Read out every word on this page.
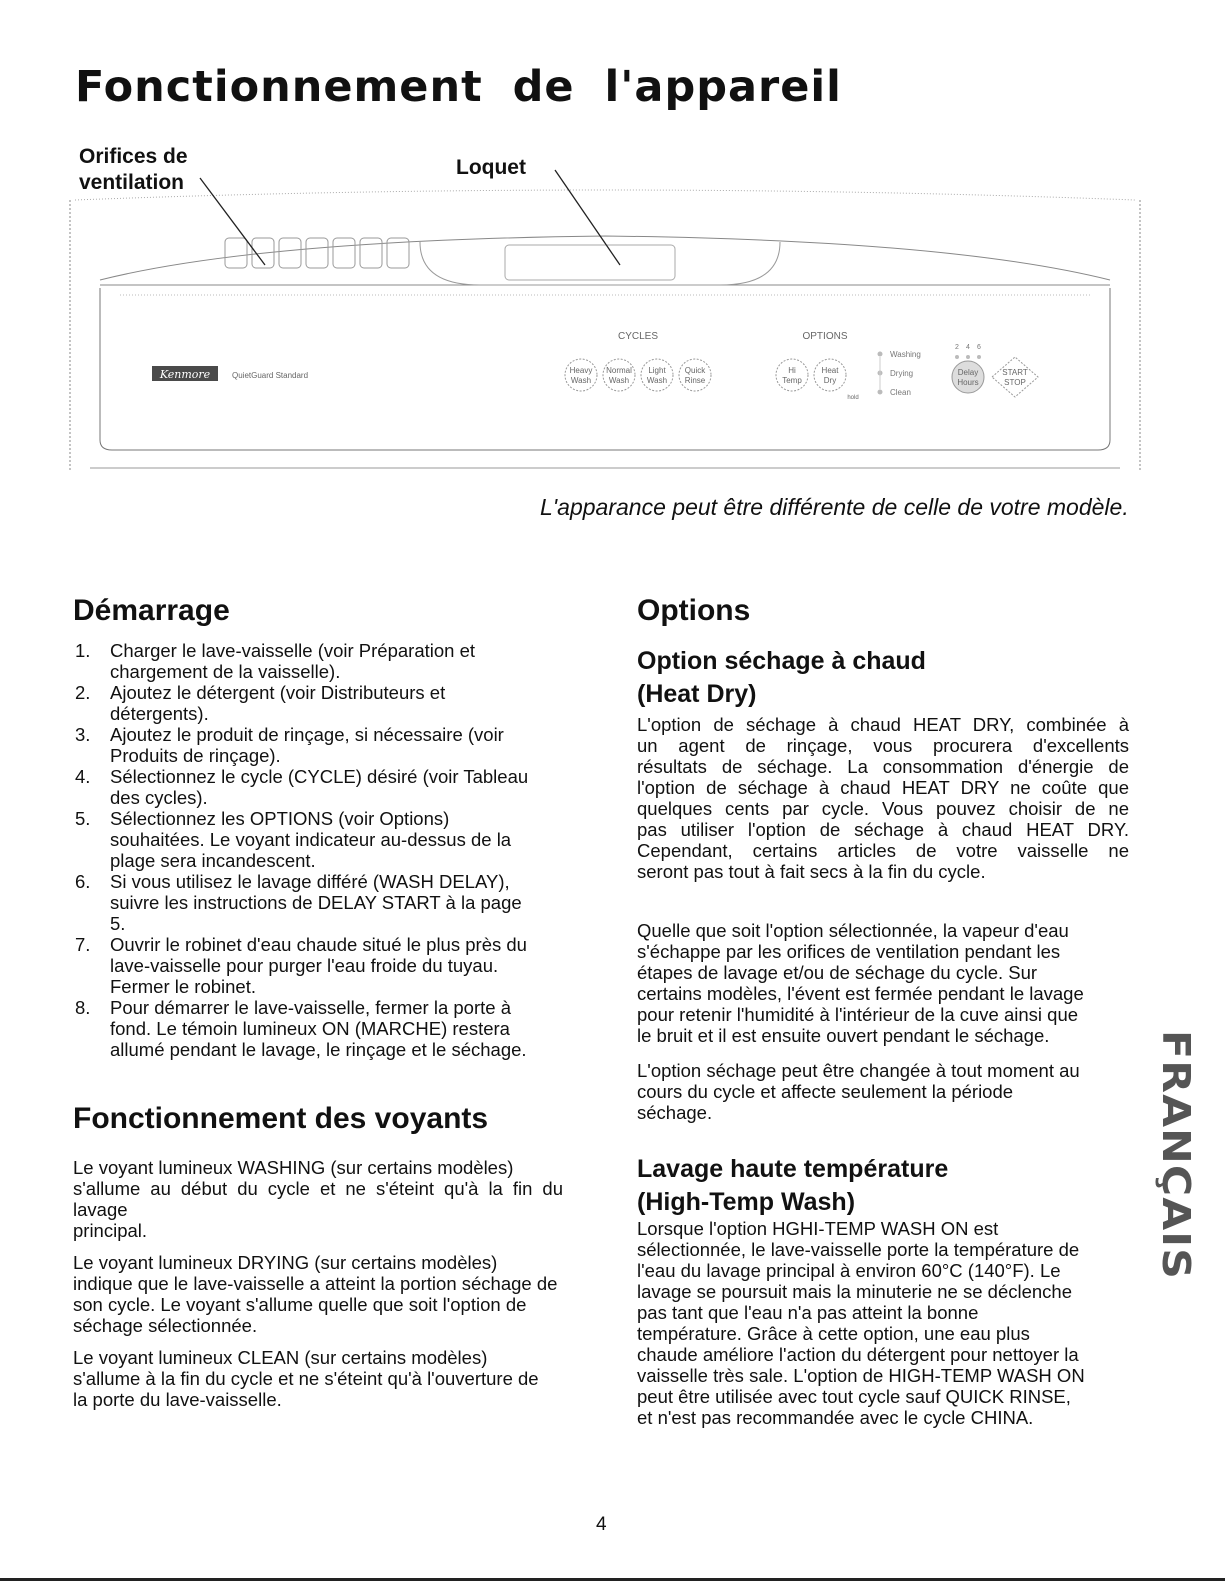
Fonctionnement de l'appareil
Orifices de
ventilation
Loquet
Kenmore	QuietGuard Standard
CYCLES	OPTIONS
Heavy
Wash
Normal
Wash
Light
Wash
Quick
Rinse
Hi
Temp
Heat
Dry
hold
Washing
Drying
Clean
2 4 6
Delay
Hours
START
STOP

L'apparance peut être différente de celle de votre modèle.

Démarrage
1. Charger le lave-vaisselle (voir Préparation et
chargement de la vaisselle).
2. Ajoutez le détergent (voir Distributeurs et
détergents).
3. Ajoutez le produit de rinçage, si nécessaire (voir
Produits de rinçage).
4. Sélectionnez le cycle (CYCLE) désiré (voir Tableau
des cycles).
5. Sélectionnez les OPTIONS (voir Options)
souhaitées. Le voyant indicateur au-dessus de la
plage sera incandescent.
6. Si vous utilisez le lavage différé (WASH DELAY),
suivre les instructions de DELAY START à la page
5.
7. Ouvrir le robinet d'eau chaude situé le plus près du
lave-vaisselle pour purger l'eau froide du tuyau.
Fermer le robinet.
8. Pour démarrer le lave-vaisselle, fermer la porte à
fond. Le témoin lumineux ON (MARCHE) restera
allumé pendant le lavage, le rinçage et le séchage.
Fonctionnement des voyants

Le voyant lumineux WASHING (sur certains modèles)
s'allume au début du cycle et ne s'éteint qu'à la fin du lavage
principal.

Le voyant lumineux DRYING (sur certains modèles)
indique que le lave-vaisselle a atteint la portion séchage de
son cycle. Le voyant s'allume quelle que soit l'option de
séchage sélectionnée.

Le voyant lumineux CLEAN (sur certains modèles)
s'allume à la fin du cycle et ne s'éteint qu'à l'ouverture de
la porte du lave-vaisselle.

Options
Option séchage à chaud
(Heat Dry)

L'option de séchage à chaud HEAT DRY, combinée à
un agent de rinçage, vous procurera d'excellents
résultats de séchage. La consommation d'énergie de
l'option de séchage à chaud HEAT DRY ne coûte que
quelques cents par cycle. Vous pouvez choisir de ne
pas utiliser l'option de séchage à chaud HEAT DRY.
Cependant, certains articles de votre vaisselle ne
seront pas tout à fait secs à la fin du cycle.

Quelle que soit l'option sélectionnée, la vapeur d'eau
s'échappe par les orifices de ventilation pendant les
étapes de lavage et/ou de séchage du cycle. Sur
certains modèles, l'évent est fermée pendant le lavage
pour retenir l'humidité à l'intérieur de la cuve ainsi que
le bruit et il est ensuite ouvert pendant le séchage.

L'option séchage peut être changée à tout moment au
cours du cycle et affecte seulement la période
séchage.

Lavage haute température
(High-Temp Wash)

Lorsque l'option HGHI-TEMP WASH ON est
sélectionnée, le lave-vaisselle porte la température de
l'eau du lavage principal à environ 60°C (140°F). Le
lavage se poursuit mais la minuterie ne se déclenche
pas tant que l'eau n'a pas atteint la bonne
température. Grâce à cette option, une eau plus
chaude améliore l'action du détergent pour nettoyer la
vaisselle très sale. L'option de HIGH-TEMP WASH ON
peut être utilisée avec tout cycle sauf QUICK RINSE,
et n'est pas recommandée avec le cycle CHINA.

FRANÇAIS

4
